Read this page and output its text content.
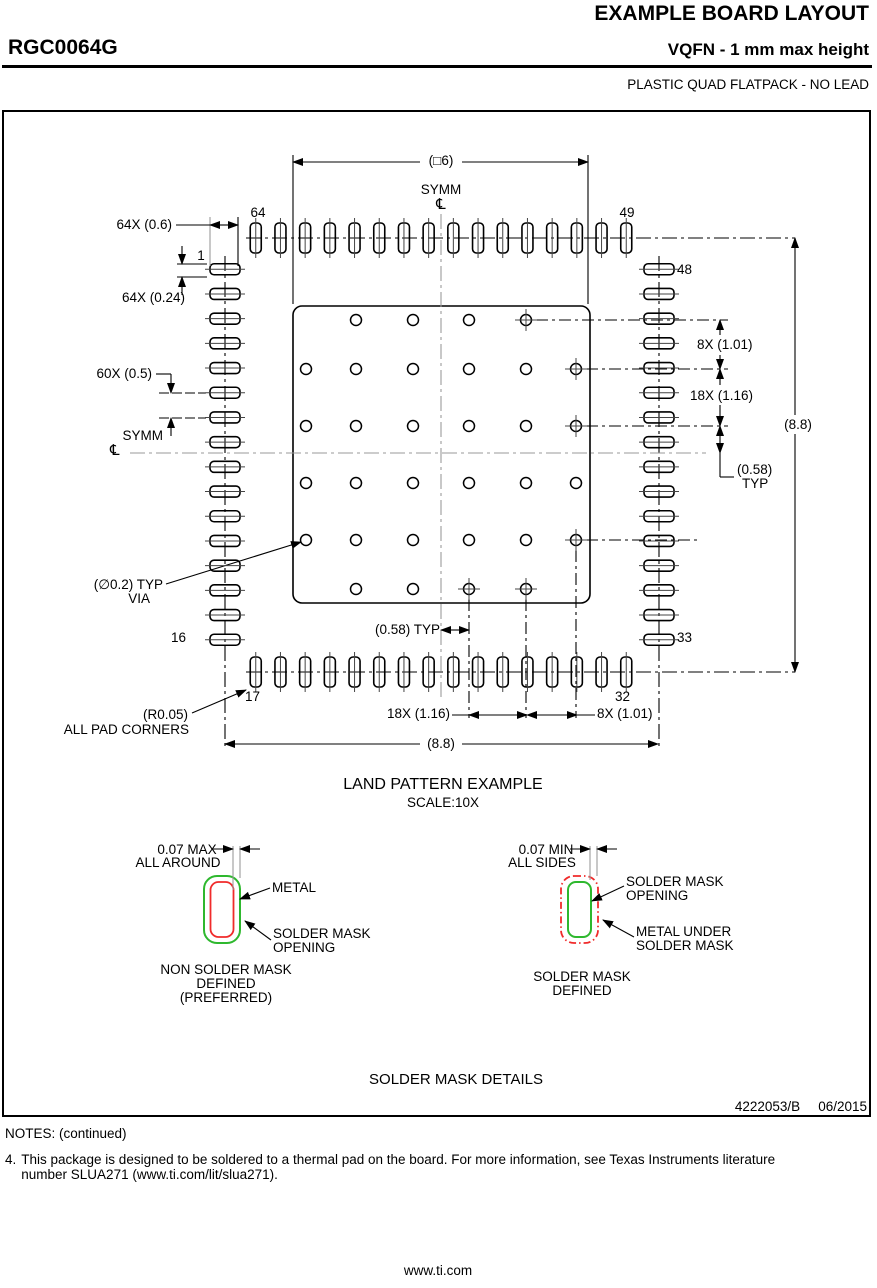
EXAMPLE BOARD LAYOUT
RGC0064G	VQFN - 1 mm max height
PLASTIC QUAD FLATPACK - NO LEAD
(□6)
SYMM
℄
64	49
64X (0.6)
1
64X (0.24)
48
8X (1.01)
60X (0.5)
18X (1.16)
(8.8)
SYMM
℄
(0.58)
TYP
(∅0.2) TYP
VIA
(0.58) TYP
16	33
17	32
(R0.05)
ALL PAD CORNERS
18X (1.16)	8X (1.01)
(8.8)
LAND PATTERN EXAMPLE
SCALE:10X
0.07 MAX
ALL AROUND
METAL
SOLDER MASK
OPENING
NON SOLDER MASK
DEFINED
(PREFERRED)
0.07 MIN
ALL SIDES
SOLDER MASK
OPENING
METAL UNDER
SOLDER MASK
SOLDER MASK
DEFINED
SOLDER MASK DETAILS
4222053/B 06/2015
NOTES: (continued)
4. This package is designed to be soldered to a thermal pad on the board. For more information, see Texas Instruments literature
number SLUA271 (www.ti.com/lit/slua271).
www.ti.com
